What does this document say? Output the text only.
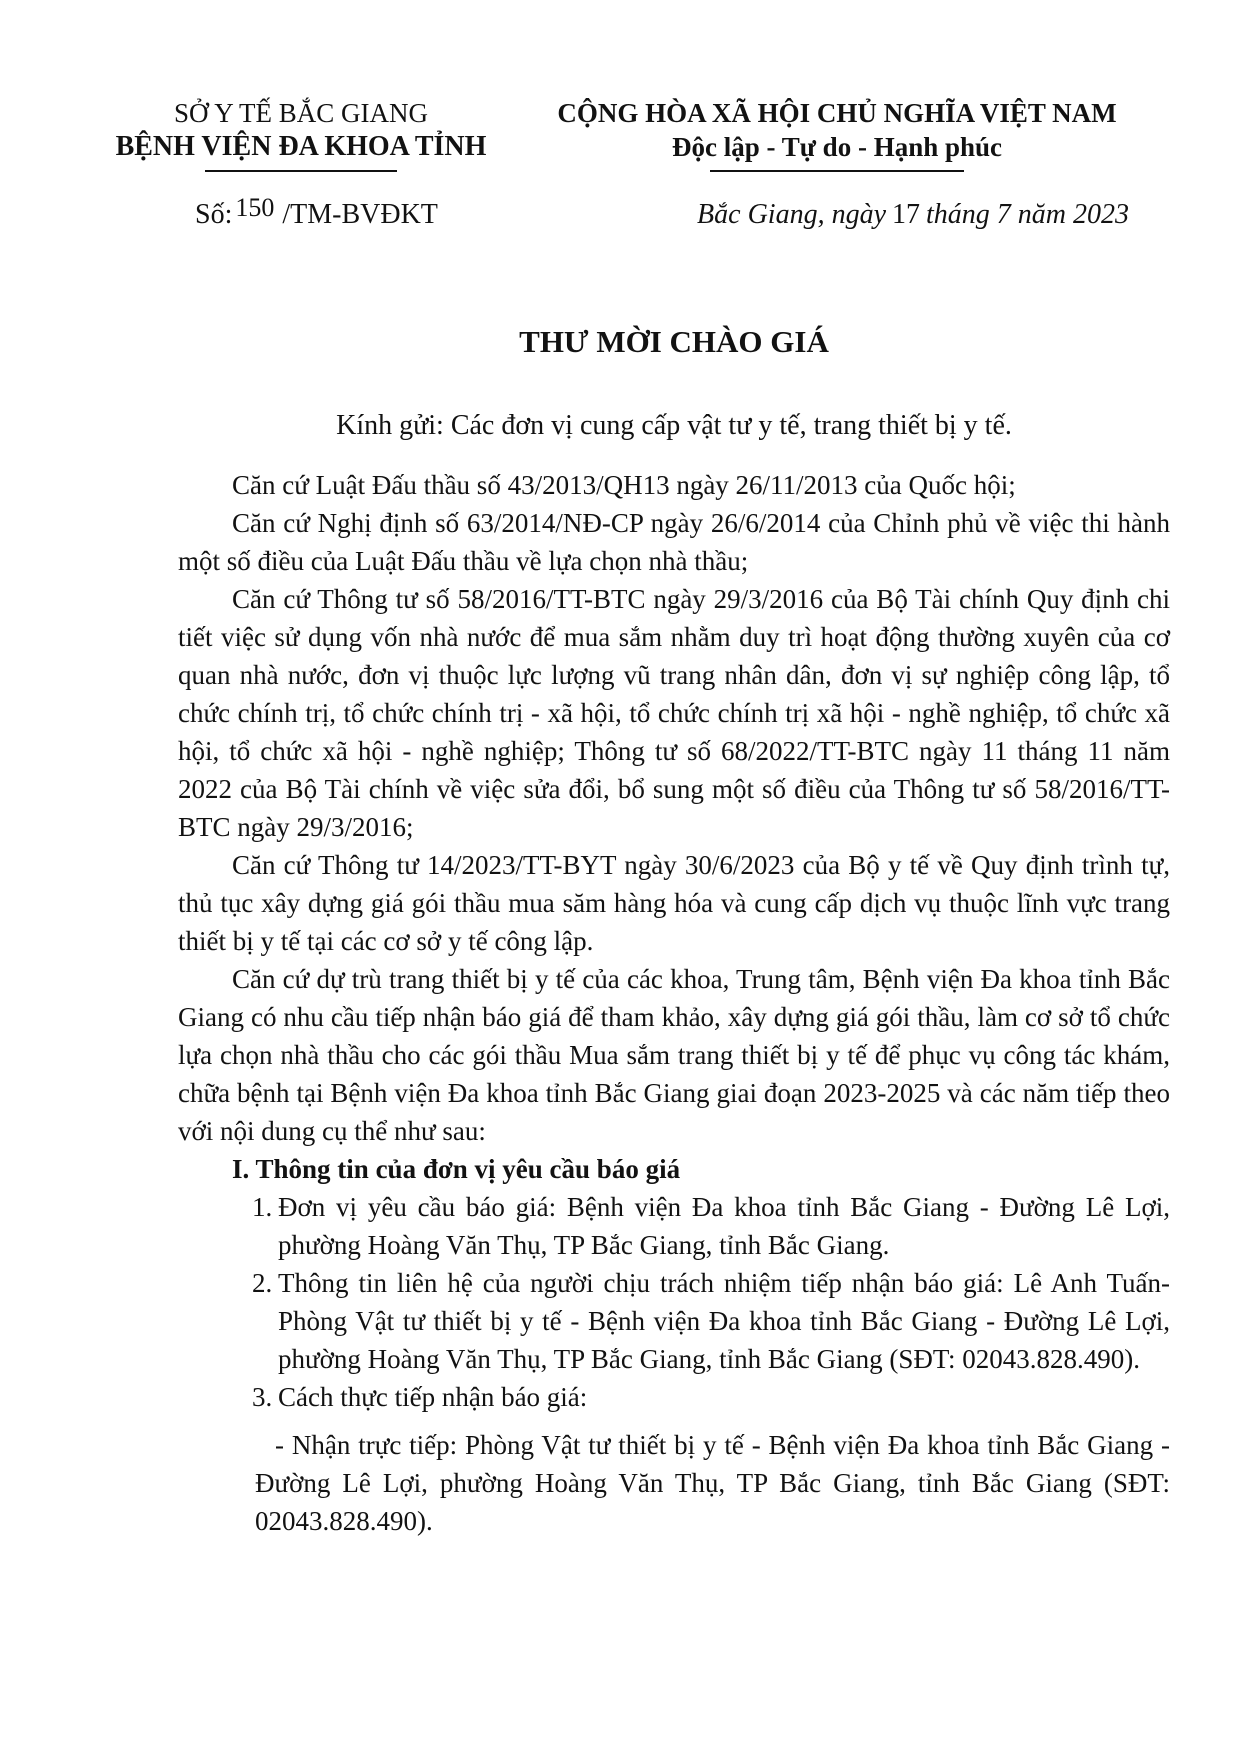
SỞ Y TẾ BẮC GIANG
BỆNH VIỆN ĐA KHOA TỈNH
CỘNG HÒA XÃ HỘI CHỦ NGHĨA VIỆT NAM
Độc lập - Tự do - Hạnh phúc
Số: 150 /TM-BVĐKT	Bắc Giang, ngày 17 tháng 7 năm 2023
THƯ MỜI CHÀO GIÁ
Kính gửi: Các đơn vị cung cấp vật tư y tế, trang thiết bị y tế.

Căn cứ Luật Đấu thầu số 43/2013/QH13 ngày 26/11/2013 của Quốc hội;

Căn cứ Nghị định số 63/2014/NĐ-CP ngày 26/6/2014 của Chỉnh phủ về việc thi hành một số điều của Luật Đấu thầu về lựa chọn nhà thầu;

Căn cứ Thông tư số 58/2016/TT-BTC ngày 29/3/2016 của Bộ Tài chính Quy định chi tiết việc sử dụng vốn nhà nước để mua sắm nhằm duy trì hoạt động thường xuyên của cơ quan nhà nước, đơn vị thuộc lực lượng vũ trang nhân dân, đơn vị sự nghiệp công lập, tổ chức chính trị, tổ chức chính trị - xã hội, tổ chức chính trị xã hội - nghề nghiệp, tổ chức xã hội, tổ chức xã hội - nghề nghiệp; Thông tư số 68/2022/TT-BTC ngày 11 tháng 11 năm 2022 của Bộ Tài chính về việc sửa đổi, bổ sung một số điều của Thông tư số 58/2016/TT-BTC ngày 29/3/2016;

Căn cứ Thông tư 14/2023/TT-BYT ngày 30/6/2023 của Bộ y tế về Quy định trình tự, thủ tục xây dựng giá gói thầu mua săm hàng hóa và cung cấp dịch vụ thuộc lĩnh vực trang thiết bị y tế tại các cơ sở y tế công lập.

Căn cứ dự trù trang thiết bị y tế của các khoa, Trung tâm, Bệnh viện Đa khoa tỉnh Bắc Giang có nhu cầu tiếp nhận báo giá để tham khảo, xây dựng giá gói thầu, làm cơ sở tổ chức lựa chọn nhà thầu cho các gói thầu Mua sắm trang thiết bị y tế để phục vụ công tác khám, chữa bệnh tại Bệnh viện Đa khoa tỉnh Bắc Giang giai đoạn 2023-2025 và các năm tiếp theo với nội dung cụ thể như sau:

I. Thông tin của đơn vị yêu cầu báo giá
1. Đơn vị yêu cầu báo giá: Bệnh viện Đa khoa tỉnh Bắc Giang - Đường Lê Lợi, phường Hoàng Văn Thụ, TP Bắc Giang, tỉnh Bắc Giang.
2. Thông tin liên hệ của người chịu trách nhiệm tiếp nhận báo giá: Lê Anh Tuấn- Phòng Vật tư thiết bị y tế - Bệnh viện Đa khoa tỉnh Bắc Giang - Đường Lê Lợi, phường Hoàng Văn Thụ, TP Bắc Giang, tỉnh Bắc Giang (SĐT: 02043.828.490).
3. Cách thực tiếp nhận báo giá:
- Nhận trực tiếp: Phòng Vật tư thiết bị y tế - Bệnh viện Đa khoa tỉnh Bắc Giang - Đường Lê Lợi, phường Hoàng Văn Thụ, TP Bắc Giang, tỉnh Bắc Giang (SĐT: 02043.828.490).
